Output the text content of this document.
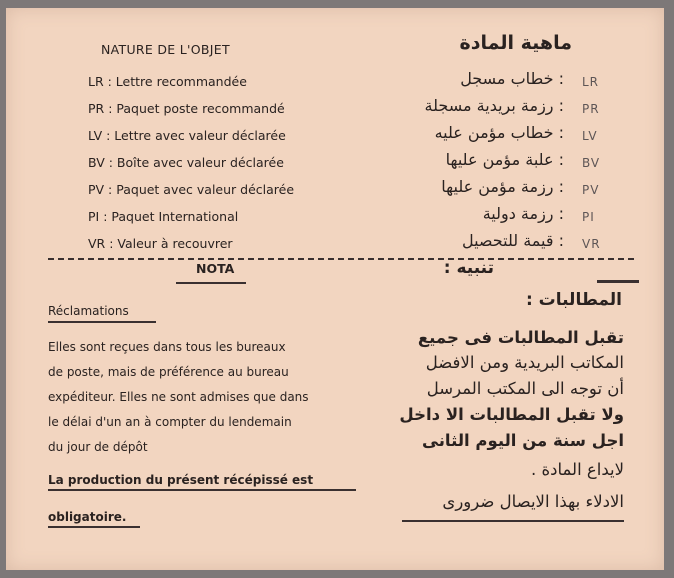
NATURE DE L'OBJET	ماهية المادة
LR : Lettre recommandée	: خطاب مسجل LR
PR : Paquet poste recommandé	: رزمة بريدية مسجلة PR
LV : Lettre avec valeur déclarée	: خطاب مؤمن عليه LV
BV : Boîte avec valeur déclarée	: علبة مؤمن عليها BV
PV : Paquet avec valeur déclarée	: رزمة مؤمن عليها PV
PI : Paquet International	: رزمة دولية PI
VR : Valeur à recouvrer	: قيمة للتحصيل VR
NOTA	تنبيه :
Réclamations
المطالبات :
Elles sont reçues dans tous les bureaux
de poste, mais de préférence au bureau
expéditeur. Elles ne sont admises que dans
le délai d'un an à compter du lendemain
du jour de dépôt
La production du présent récépissé est
obligatoire.
تقبل المطالبات فى جميع
المكاتب البريدية ومن الافضل
أن توجه الى المكتب المرسل
ولا تقبل المطالبات الا داخل
اجل سنة من اليوم الثانى
لايداع المادة .
الادلاء بهذا الايصال ضرورى
